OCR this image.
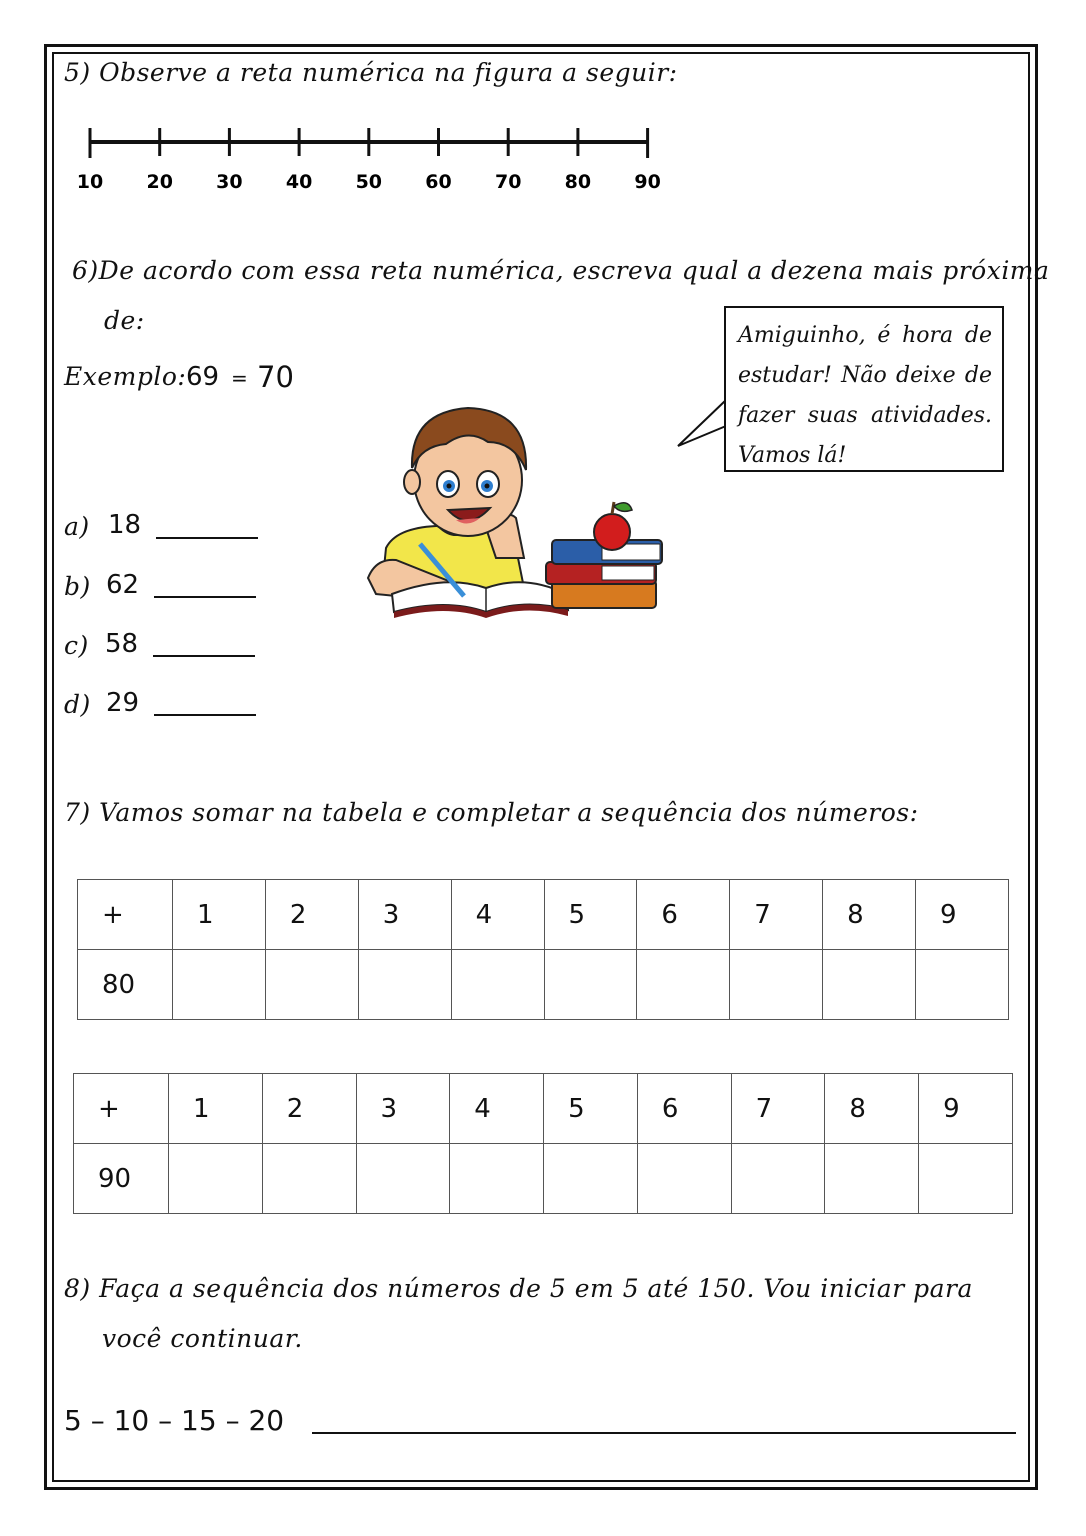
5) Observe a reta numérica na figura a seguir:
10 20 30 40 50 60 70 80 90
6)De acordo com essa reta numérica, escreva qual a dezena mais próxima
de:
Exemplo: 69 = 70
a) 18
b) 62
c) 58
d) 29
Amiguinho, é hora de estudar! Não deixe de fazer suas atividades. Vamos lá!
7) Vamos somar na tabela e completar a sequência dos números:
+	1	2	3	4	5	6	7	8	9
80									
+	1	2	3	4	5	6	7	8	9
90									
8) Faça a sequência dos números de 5 em 5 até 150. Vou iniciar para
você continuar.
5 – 10 – 15 – 20
